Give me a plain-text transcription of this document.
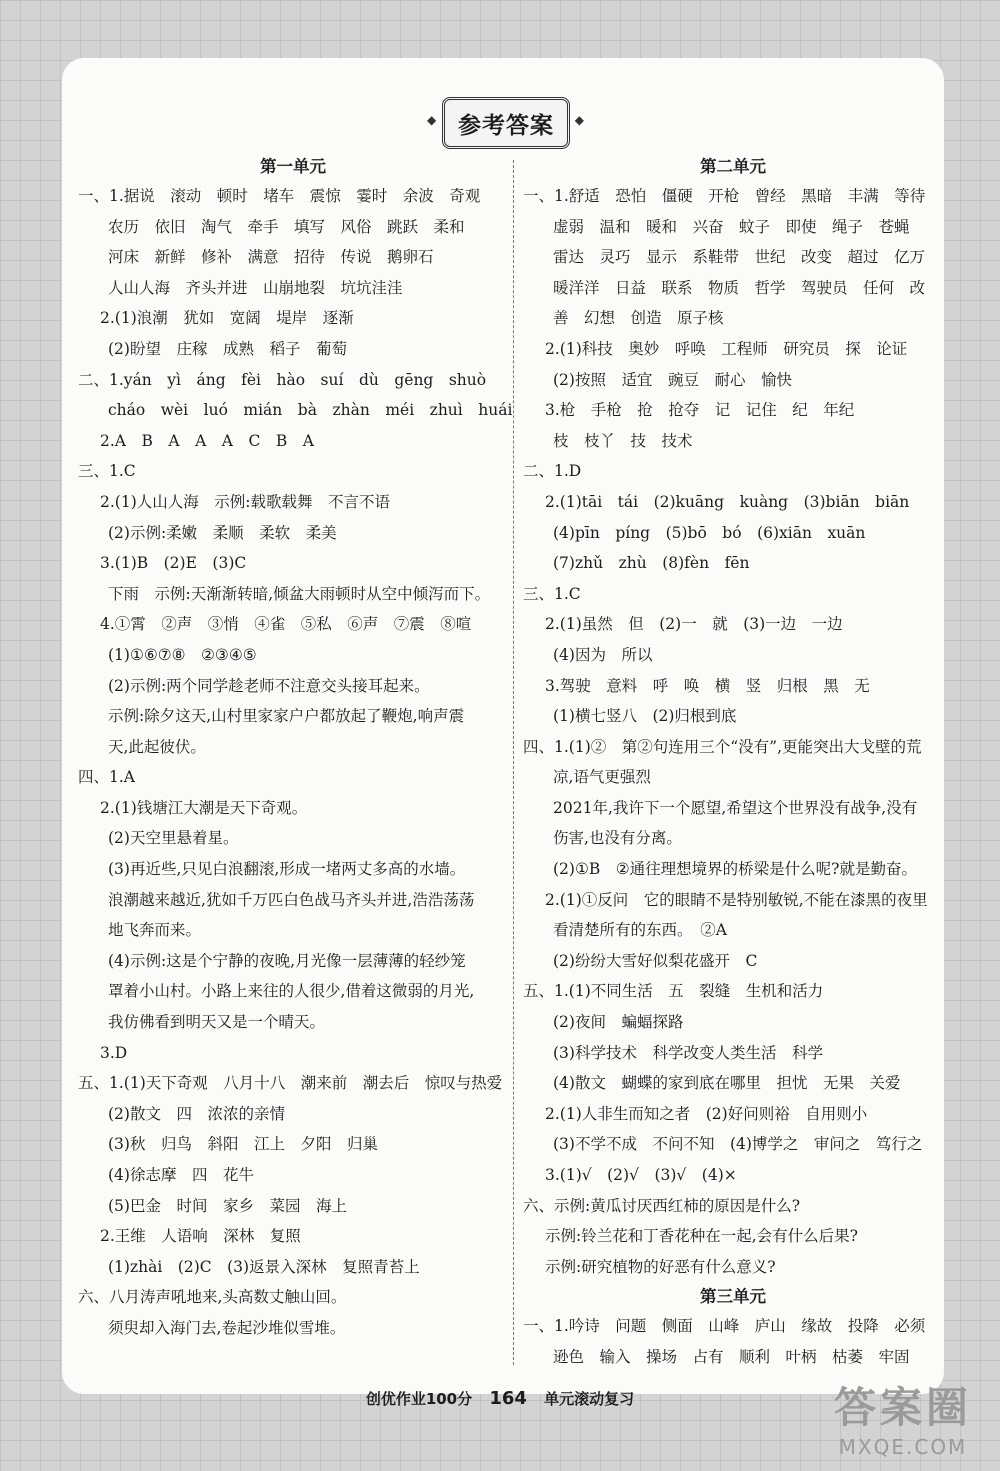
◆ 参考答案 ◆
第一单元
一、1.据说　滚动　顿时　堵车　震惊　霎时　余波　奇观
农历　依旧　淘气　牵手　填写　风俗　跳跃　柔和
河床　新鲜　修补　满意　招待　传说　鹅卵石
人山人海　齐头并进　山崩地裂　坑坑洼洼
2.(1)浪潮　犹如　宽阔　堤岸　逐渐
(2)盼望　庄稼　成熟　稻子　葡萄
二、1.yán　yì　áng　fèi　hào　suí　dù　gēng　shuò
cháo　wèi　luó　mián　bà　zhàn　méi　zhuì　huái
2.A　B　A　A　A　C　B　A
三、1.C
2.(1)人山人海　示例:载歌载舞　不言不语
(2)示例:柔嫩　柔顺　柔软　柔美
3.(1)B　(2)E　(3)C
下雨　示例:天渐渐转暗,倾盆大雨顿时从空中倾泻而下。
4.①霄　②声　③悄　④雀　⑤私　⑥声　⑦震　⑧喧
(1)①⑥⑦⑧　②③④⑤
(2)示例:两个同学趁老师不注意交头接耳起来。
示例:除夕这天,山村里家家户户都放起了鞭炮,响声震
天,此起彼伏。
四、1.A
2.(1)钱塘江大潮是天下奇观。
(2)天空里悬着星。
(3)再近些,只见白浪翻滚,形成一堵两丈多高的水墙。
浪潮越来越近,犹如千万匹白色战马齐头并进,浩浩荡荡
地飞奔而来。
(4)示例:这是个宁静的夜晚,月光像一层薄薄的轻纱笼
罩着小山村。小路上来往的人很少,借着这微弱的月光,
我仿佛看到明天又是一个晴天。
3.D
五、1.(1)天下奇观　八月十八　潮来前　潮去后　惊叹与热爱
(2)散文　四　浓浓的亲情
(3)秋　归鸟　斜阳　江上　夕阳　归巢
(4)徐志摩　四　花牛
(5)巴金　时间　家乡　菜园　海上
2.王维　人语响　深林　复照
(1)zhài　(2)C　(3)返景入深林　复照青苔上
六、八月涛声吼地来,头高数丈触山回。
须臾却入海门去,卷起沙堆似雪堆。
第二单元
一、1.舒适　恐怕　僵硬　开枪　曾经　黑暗　丰满　等待
虚弱　温和　暖和　兴奋　蚊子　即使　绳子　苍蝇
雷达　灵巧　显示　系鞋带　世纪　改变　超过　亿万
暖洋洋　日益　联系　物质　哲学　驾驶员　任何　改
善　幻想　创造　原子核
2.(1)科技　奥妙　呼唤　工程师　研究员　探　论证
(2)按照　适宜　豌豆　耐心　愉快
3.枪　手枪　抢　抢夺　记　记住　纪　年纪
枝　枝丫　技　技术
二、1.D
2.(1)tāi　tái　(2)kuāng　kuàng　(3)biān　biān
(4)pīn　píng　(5)bō　bó　(6)xiān　xuān
(7)zhǔ　zhù　(8)fèn　fēn
三、1.C
2.(1)虽然　但　(2)一　就　(3)一边　一边
(4)因为　所以
3.驾驶　意料　呼　唤　横　竖　归根　黑　无
(1)横七竖八　(2)归根到底
四、1.(1)②　第②句连用三个“没有”,更能突出大戈壁的荒
凉,语气更强烈
2021年,我许下一个愿望,希望这个世界没有战争,没有
伤害,也没有分离。
(2)①B　②通往理想境界的桥梁是什么呢?就是勤奋。
2.(1)①反问　它的眼睛不是特别敏锐,不能在漆黑的夜里
看清楚所有的东西。　②A
(2)纷纷大雪好似梨花盛开　C
五、1.(1)不同生活　五　裂缝　生机和活力
(2)夜间　蝙蝠探路
(3)科学技术　科学改变人类生活　科学
(4)散文　蝴蝶的家到底在哪里　担忧　无果　关爱
2.(1)人非生而知之者　(2)好问则裕　自用则小
(3)不学不成　不问不知　(4)博学之　审问之　笃行之
3.(1)√　(2)√　(3)√　(4)×
六、示例:黄瓜讨厌西红柿的原因是什么?
示例:铃兰花和丁香花种在一起,会有什么后果?
示例:研究植物的好恶有什么意义?
第三单元
一、1.吟诗　问题　侧面　山峰　庐山　缘故　投降　必须
逊色　输入　操场　占有　顺利　叶柄　枯萎　牢固
创优作业100分 164 单元滚动复习	答案圈
MXQE.COM
